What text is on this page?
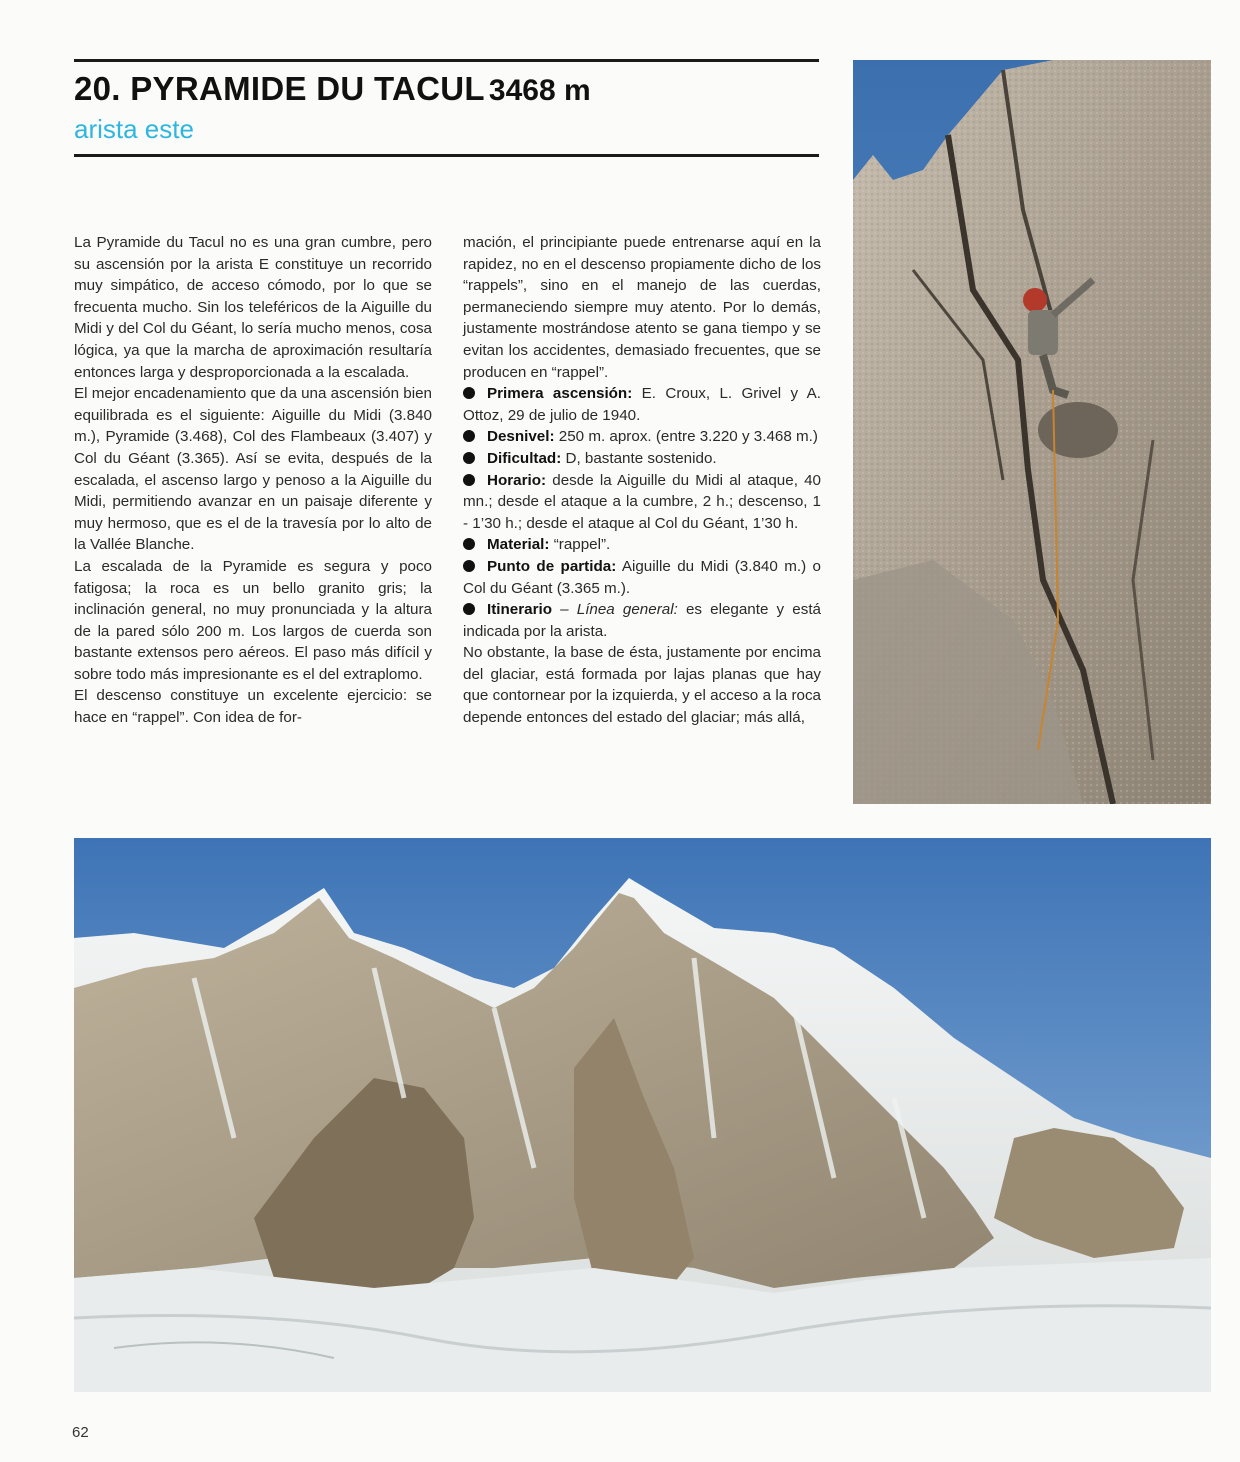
20. PYRAMIDE DU TACUL 3468 m
arista este

La Pyramide du Tacul no es una gran cumbre, pero su ascensión por la arista E constituye un recorrido muy simpático, de acceso cómodo, por lo que se frecuenta mucho. Sin los teleféricos de la Aiguille du Midi y del Col du Géant, lo sería mucho menos, cosa lógica, ya que la marcha de aproximación resultaría entonces larga y desproporcionada a la escalada.

El mejor encadenamiento que da una ascensión bien equilibrada es el siguiente: Aiguille du Midi (3.840 m.), Pyramide (3.468), Col des Flambeaux (3.407) y Col du Géant (3.365). Así se evita, después de la escalada, el ascenso largo y penoso a la Aiguille du Midi, permitiendo avanzar en un paisaje diferente y muy hermoso, que es el de la travesía por lo alto de la Vallée Blanche.

La escalada de la Pyramide es segura y poco fatigosa; la roca es un bello granito gris; la inclinación general, no muy pronunciada y la altura de la pared sólo 200 m. Los largos de cuerda son bastante extensos pero aéreos. El paso más difícil y sobre todo más impresionante es el del extraplomo.

El descenso constituye un excelente ejercicio: se hace en “rappel”. Con idea de for-

mación, el principiante puede entrenarse aquí en la rapidez, no en el descenso propiamente dicho de los “rappels”, sino en el manejo de las cuerdas, permaneciendo siempre muy atento. Por lo demás, justamente mostrándose atento se gana tiempo y se evitan los accidentes, demasiado frecuentes, que se producen en “rappel”.

Primera ascensión: E. Croux, L. Grivel y A. Ottoz, 29 de julio de 1940.

Desnivel: 250 m. aprox. (entre 3.220 y 3.468 m.)

Dificultad: D, bastante sostenido.

Horario: desde la Aiguille du Midi al ataque, 40 mn.; desde el ataque a la cumbre, 2 h.; descenso, 1 - 1’30 h.; desde el ataque al Col du Géant, 1’30 h.

Material: “rappel”.

Punto de partida: Aiguille du Midi (3.840 m.) o Col du Géant (3.365 m.).

Itinerario – Línea general: es elegante y está indicada por la arista.

No obstante, la base de ésta, justamente por encima del glaciar, está formada por lajas planas que hay que contornear por la izquierda, y el acceso a la roca depende entonces del estado del glaciar; más allá,

62
